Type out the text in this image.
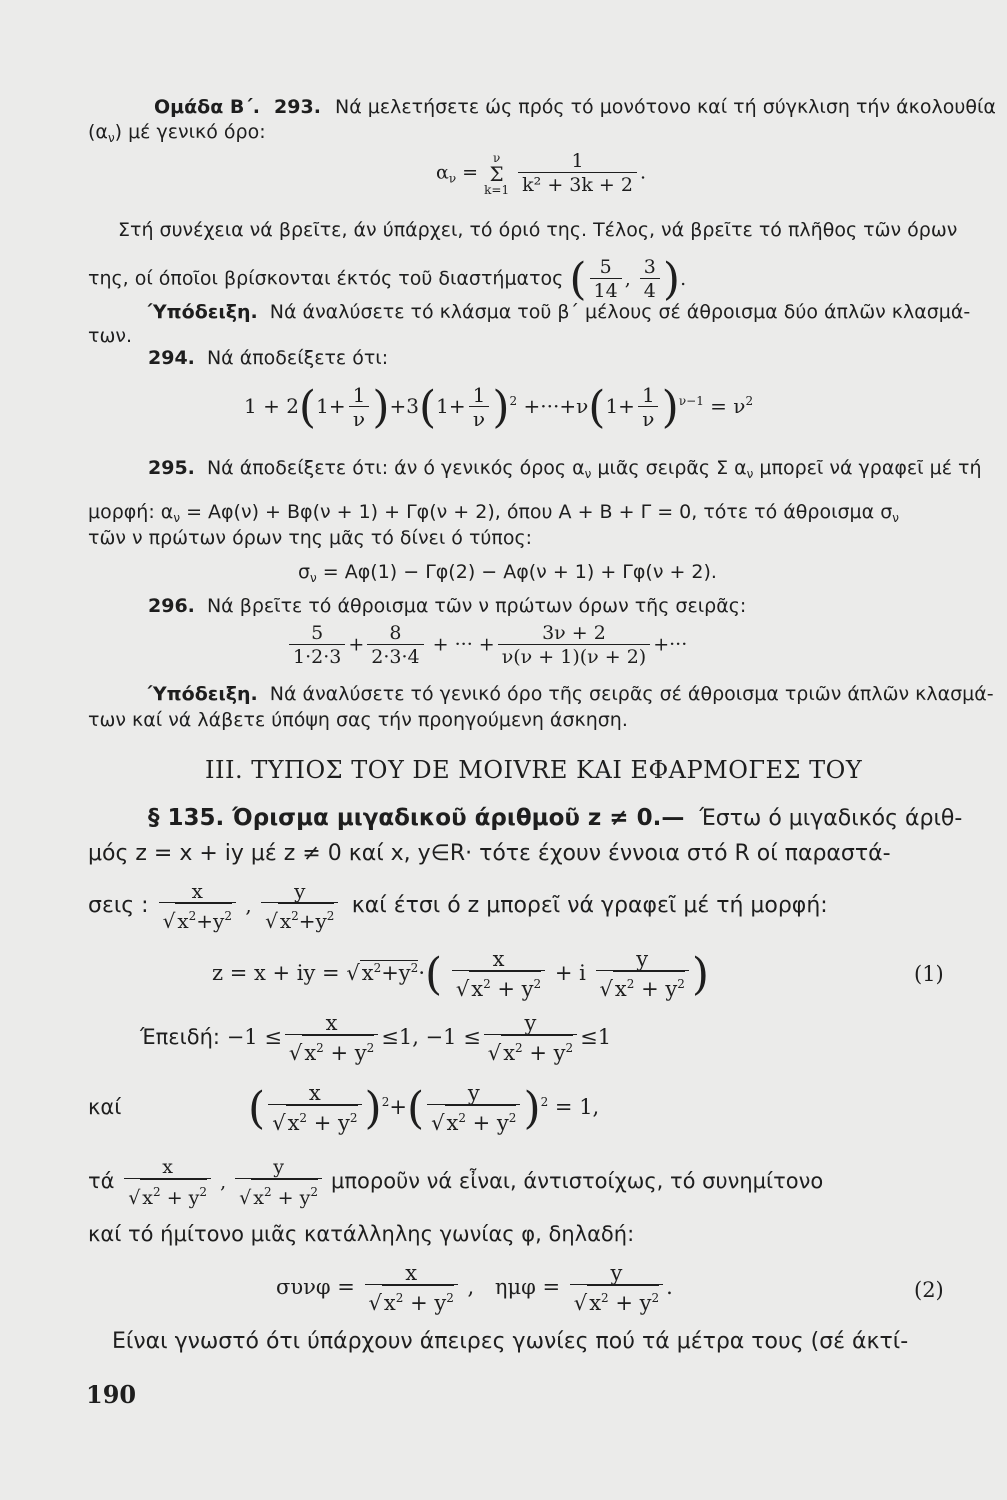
Ομάδα Β΄. 293. Νά μελετήσετε ώς πρός τό μονότονο καί τή σύγκλιση τήν άκολουθία
$(\alpha_\nu)$ μέ γενικό όρο:
$\alpha_\nu$ =
ν
Σ
k=1
$\frac{1}{\text{k² + 3k + 2}}$ .
Στή συνέχεια νά βρεῖτε, άν ύπάρχει, τό όριό της. Τέλος, νά βρεῖτε τό πλῆθος τῶν όρων
της, οί όποῖοι βρίσκονται έκτός τοῦ διαστήματος ( $\frac{5}{14}$ , $\frac{3}{4}$ ).
Ύπόδειξη. Νά άναλύσετε τό κλάσμα τοῦ β΄ μέλους σέ άθροισμα δύο άπλῶν κλασμά-
των.
294. Νά άποδείξετε ότι:
$1 + 2(1+ \frac{1}{\nu} )+3(1+ \frac{1}{\nu} )^2 +\cdot\cdot\cdot+\nu(1+ \frac{1}{\nu} )^{\nu-1} = \nu^2$
295. Νά άποδείξετε ότι: άν ό γενικός όρος $\alpha_\nu$ μιᾶς σειρᾶς Σ $\alpha_\nu$ μπορεῖ νά γραφεῖ μέ τή
μορφή: $\alpha_\nu = A\varphi(\nu) + B\varphi(\nu + 1) + \Gamma\varphi(\nu + 2)$, όπου Α + Β + Γ = 0, τότε τό άθροισμα $\sigma_\nu$
τῶν ν πρώτων όρων της μᾶς τό δίνει ό τύπος:
$\sigma_\nu = A\varphi(1) - \Gamma\varphi(2) - A\varphi(\nu + 1) + \Gamma\varphi(\nu + 2)$.
296. Νά βρεῖτε τό άθροισμα τῶν ν πρώτων όρων τῆς σειρᾶς:
$\frac{5}{1\cdot 2\cdot 3} + \frac{8}{2\cdot 3\cdot 4}$ + ··· + $\frac{3\nu + 2}{\nu(\nu + 1)(\nu + 2)}$ +···
Ύπόδειξη. Νά άναλύσετε τό γενικό όρο τῆς σειρᾶς σέ άθροισμα τριῶν άπλῶν κλασμά-
των καί νά λάβετε ύπόψη σας τήν προηγούμενη άσκηση.
ΙΙΙ. ΤΥΠΟΣ ΤΟΥ DE MOIVRE ΚΑΙ ΕΦΑΡΜΟΓΕΣ ΤΟΥ
§ 135. Όρισμα μιγαδικοῦ άριθμοῦ z ≠ 0.— Έστω ό μιγαδικός άριθ-
μός z = x + iy μέ z ≠ 0 καί x, y∈R· τότε έχουν έννοια στό R οί παραστά-
σεις : $\frac{x}{√ x^2+y^2}$ , $\frac{y}{√ x^2+y^2}$ καί έτσι ό z μπορεῖ νά γραφεῖ μέ τή μορφή:
z = x + iy = $√x^2+y^2\cdot( \frac{x}{√x^2 + y^2} + i \frac{y}{√x^2 + y^2}$ )	(1)
Έπειδή: $-1 \le \frac{x}{√x^2 + y^2} \le 1$, $-1 \le \frac{y}{√x^2 + y^2} \le 1$
καί	( $\frac{x}{√x^2 + y^2} )^2+( \frac{y}{√x^2 + y^2} )^2 = 1$,
τά $\frac{x}{√ x^2 + y^2}$ , $\frac{y}{√ x^2 + y^2}$ μποροῦν νά εἶναι, άντιστοίχως, τό συνημίτονο
καί τό ήμίτονο μιᾶς κατάλληλης γωνίας φ, δηλαδή:
$\sigma\upsilon\nu\varphi = \frac{x}{√x^2 + y^2}$ , $\eta\mu\varphi = \frac{y}{√x^2 + y^2}$ .	(2)
Είναι γνωστό ότι ύπάρχουν άπειρες γωνίες πού τά μέτρα τους (σέ άκτί-
190
